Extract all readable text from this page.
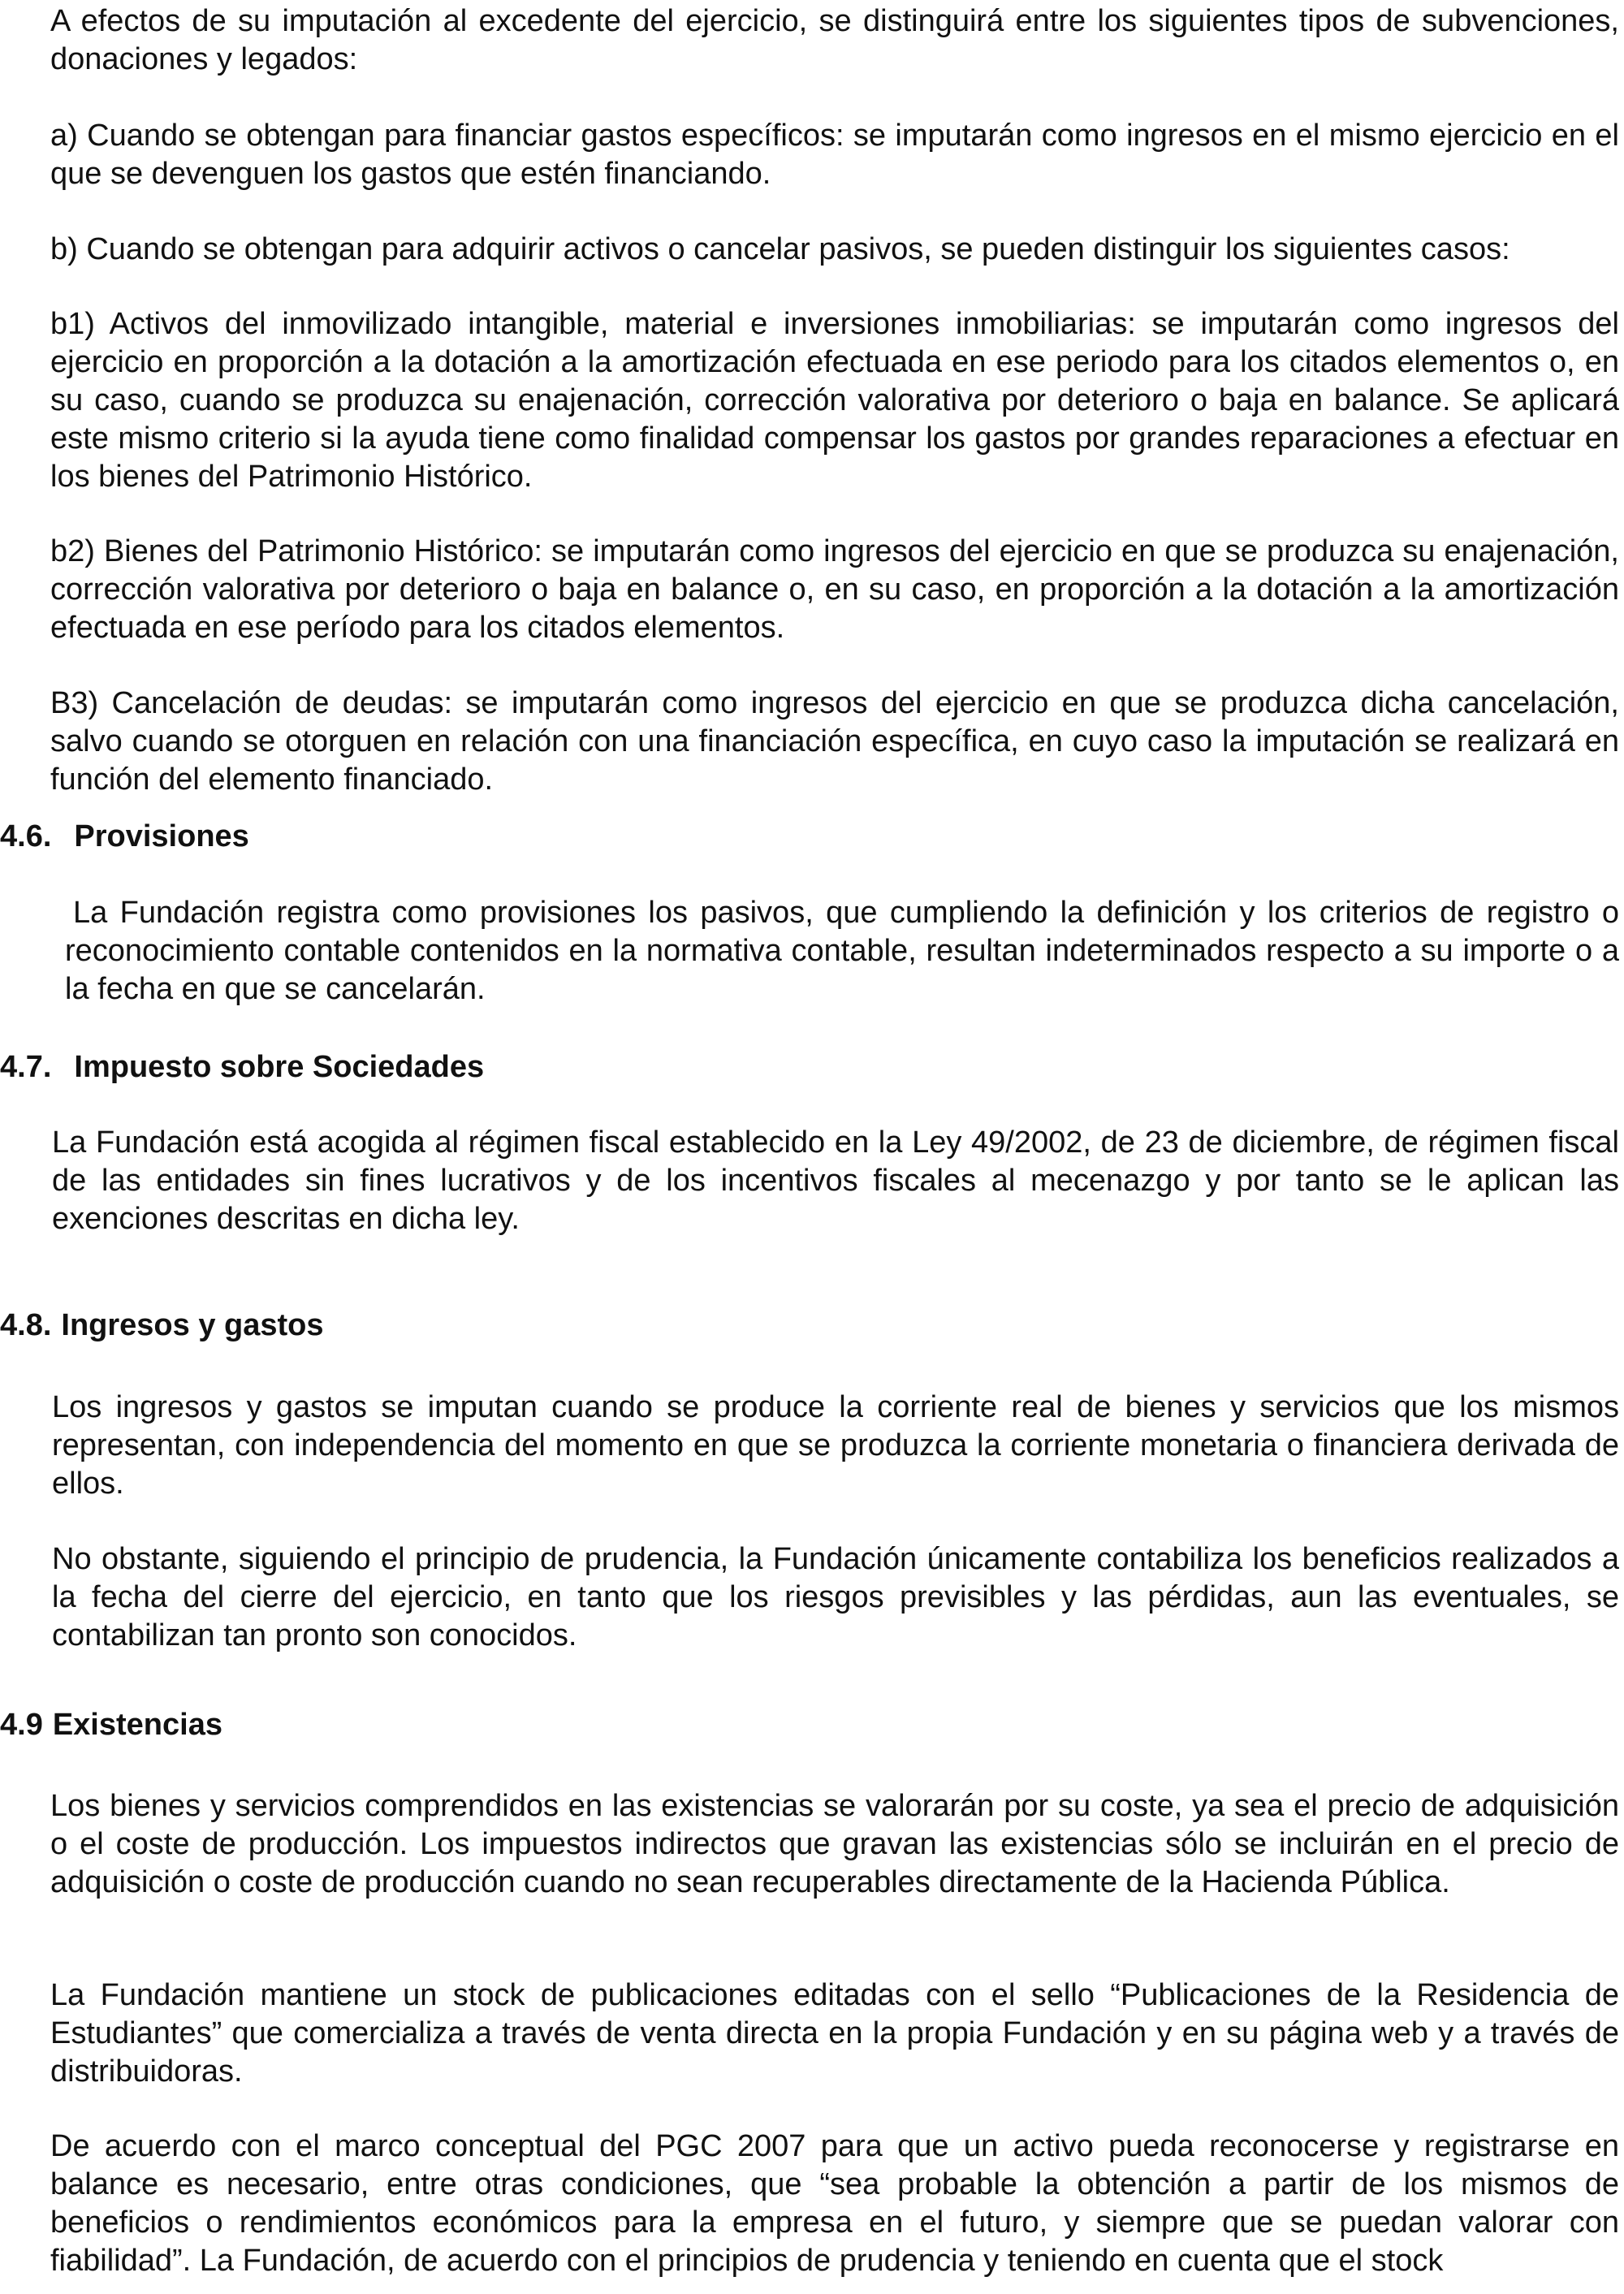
A efectos de su imputación al excedente del ejercicio, se distinguirá entre los siguientes tipos de subvenciones, donaciones y legados:

a) Cuando se obtengan para financiar gastos específicos: se imputarán como ingresos en el mismo ejercicio en el que se devenguen los gastos que estén financiando.

b) Cuando se obtengan para adquirir activos o cancelar pasivos, se pueden distinguir los siguientes casos:

b1) Activos del inmovilizado intangible, material e inversiones inmobiliarias: se imputarán como ingresos del ejercicio en proporción a la dotación a la amortización efectuada en ese periodo para los citados elementos o, en su caso, cuando se produzca su enajenación, corrección valorativa por deterioro o baja en balance. Se aplicará este mismo criterio si la ayuda tiene como finalidad compensar los gastos por grandes reparaciones a efectuar en los bienes del Patrimonio Histórico.

b2) Bienes del Patrimonio Histórico: se imputarán como ingresos del ejercicio en que se produzca su enajenación, corrección valorativa por deterioro o baja en balance o, en su caso, en proporción a la dotación a la amortización efectuada en ese período para los citados elementos.

B3) Cancelación de deudas: se imputarán como ingresos del ejercicio en que se produzca dicha cancelación, salvo cuando se otorguen en relación con una financiación específica, en cuyo caso la imputación se realizará en función del elemento financiado.

4.6. Provisiones

La Fundación registra como provisiones los pasivos, que cumpliendo la definición y los criterios de registro o reconocimiento contable contenidos en la normativa contable, resultan indeterminados respecto a su importe o a la fecha en que se cancelarán.

4.7. Impuesto sobre Sociedades

La Fundación está acogida al régimen fiscal establecido en la Ley 49/2002, de 23 de diciembre, de régimen fiscal de las entidades sin fines lucrativos y de los incentivos fiscales al mecenazgo y por tanto se le aplican las exenciones descritas en dicha ley.

4.8. Ingresos y gastos

Los ingresos y gastos se imputan cuando se produce la corriente real de bienes y servicios que los mismos representan, con independencia del momento en que se produzca la corriente monetaria o financiera derivada de ellos.

No obstante, siguiendo el principio de prudencia, la Fundación únicamente contabiliza los beneficios realizados a la fecha del cierre del ejercicio, en tanto que los riesgos previsibles y las pérdidas, aun las eventuales, se contabilizan tan pronto son conocidos.

4.9 Existencias

Los bienes y servicios comprendidos en las existencias se valorarán por su coste, ya sea el precio de adquisición o el coste de producción. Los impuestos indirectos que gravan las existencias sólo se incluirán en el precio de adquisición o coste de producción cuando no sean recuperables directamente de la Hacienda Pública.

La Fundación mantiene un stock de publicaciones editadas con el sello “Publicaciones de la Residencia de Estudiantes” que comercializa a través de venta directa en la propia Fundación y en su página web y a través de distribuidoras.

De acuerdo con el marco conceptual del PGC 2007 para que un activo pueda reconocerse y registrarse en balance es necesario, entre otras condiciones, que “sea probable la obtención a partir de los mismos de beneficios o rendimientos económicos para la empresa en el futuro, y siempre que se puedan valorar con fiabilidad”. La Fundación, de acuerdo con el principios de prudencia y teniendo en cuenta que el stock
